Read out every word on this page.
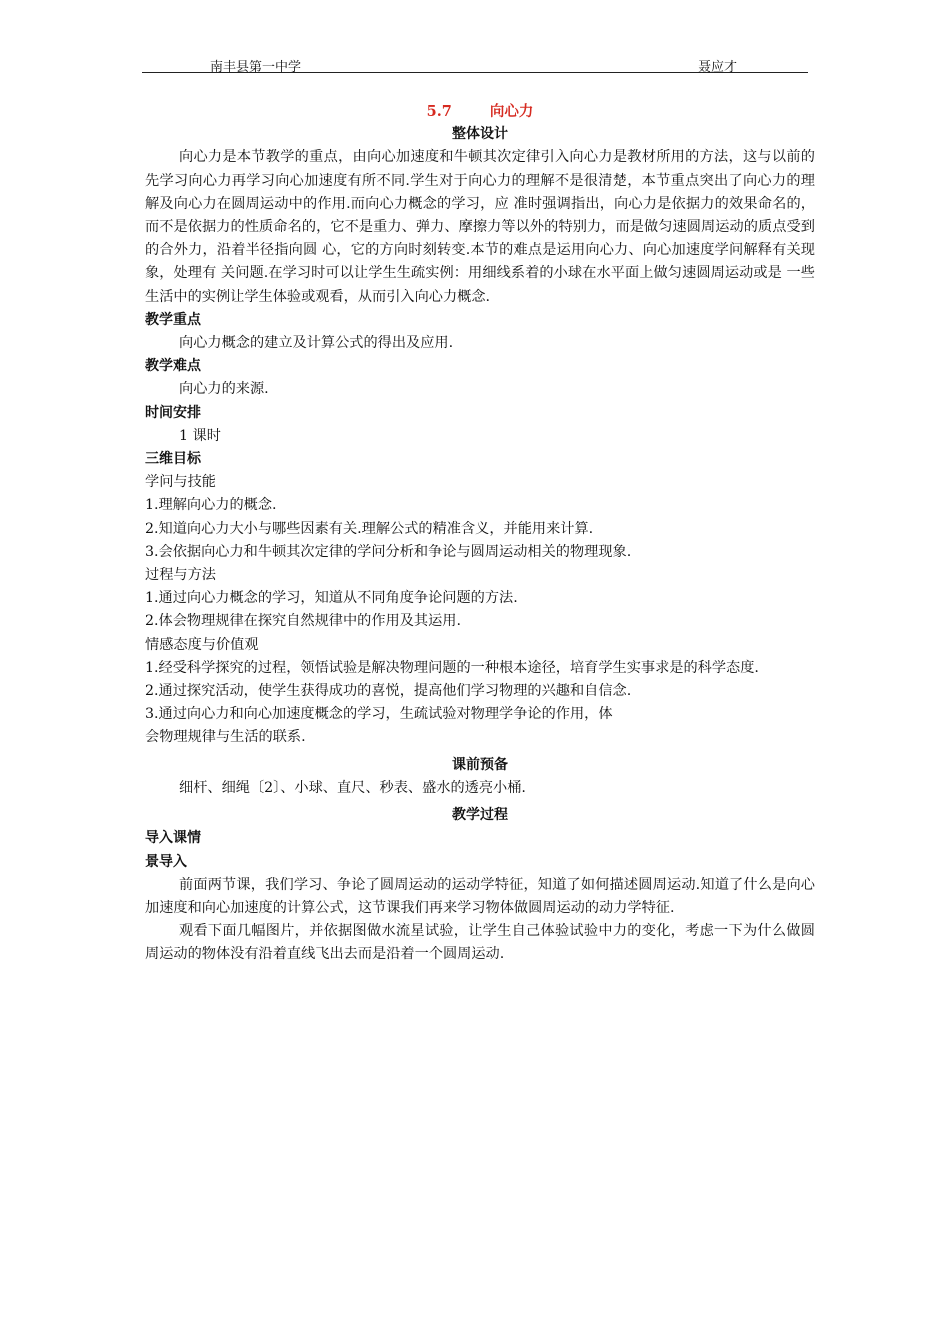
南丰县第一中学	聂应才
5.7	向心力
整体设计

向心力是本节教学的重点，由向心加速度和牛顿其次定律引入向心力是教材所用的方法，这与以前的先学习向心力再学习向心加速度有所不同.学生对于向心力的理解不是很清楚，本节重点突出了向心力的理解及向心力在圆周运动中的作用.而向心力概念的学习，应 准时强调指出，向心力是依据力的效果命名的，而不是依据力的性质命名的，它不是重力、弹力、摩擦力等以外的特别力，而是做匀速圆周运动的质点受到的合外力，沿着半径指向圆 心，它的方向时刻转变.本节的难点是运用向心力、向心加速度学问解释有关现象，处理有 关问题.在学习时可以让学生生疏实例：用细线系着的小球在水平面上做匀速圆周运动或是 一些生活中的实例让学生体验或观看，从而引入向心力概念.

教学重点

向心力概念的建立及计算公式的得出及应用.

教学难点

向心力的来源.

时间安排

1 课时

三维目标

学问与技能

1.理解向心力的概念.

2.知道向心力大小与哪些因素有关.理解公式的精准含义，并能用来计算.

3.会依据向心力和牛顿其次定律的学问分析和争论与圆周运动相关的物理现象.

过程与方法

1.通过向心力概念的学习，知道从不同角度争论问题的方法.

2.体会物理规律在探究自然规律中的作用及其运用.

情感态度与价值观

1.经受科学探究的过程，领悟试验是解决物理问题的一种根本途径，培育学生实事求是的科学态度.

2.通过探究活动，使学生获得成功的喜悦，提高他们学习物理的兴趣和自信念.

3.通过向心力和向心加速度概念的学习，生疏试验对物理学争论的作用，体

会物理规律与生活的联系.

课前预备

细杆、细绳〔2〕、小球、直尺、秒表、盛水的透亮小桶.

教学过程

导入课情

景导入

前面两节课，我们学习、争论了圆周运动的运动学特征，知道了如何描述圆周运动.知道了什么是向心加速度和向心加速度的计算公式，这节课我们再来学习物体做圆周运动的动力学特征.

观看下面几幅图片，并依据图做水流星试验，让学生自己体验试验中力的变化，考虑一下为什么做圆周运动的物体没有沿着直线飞出去而是沿着一个圆周运动.
